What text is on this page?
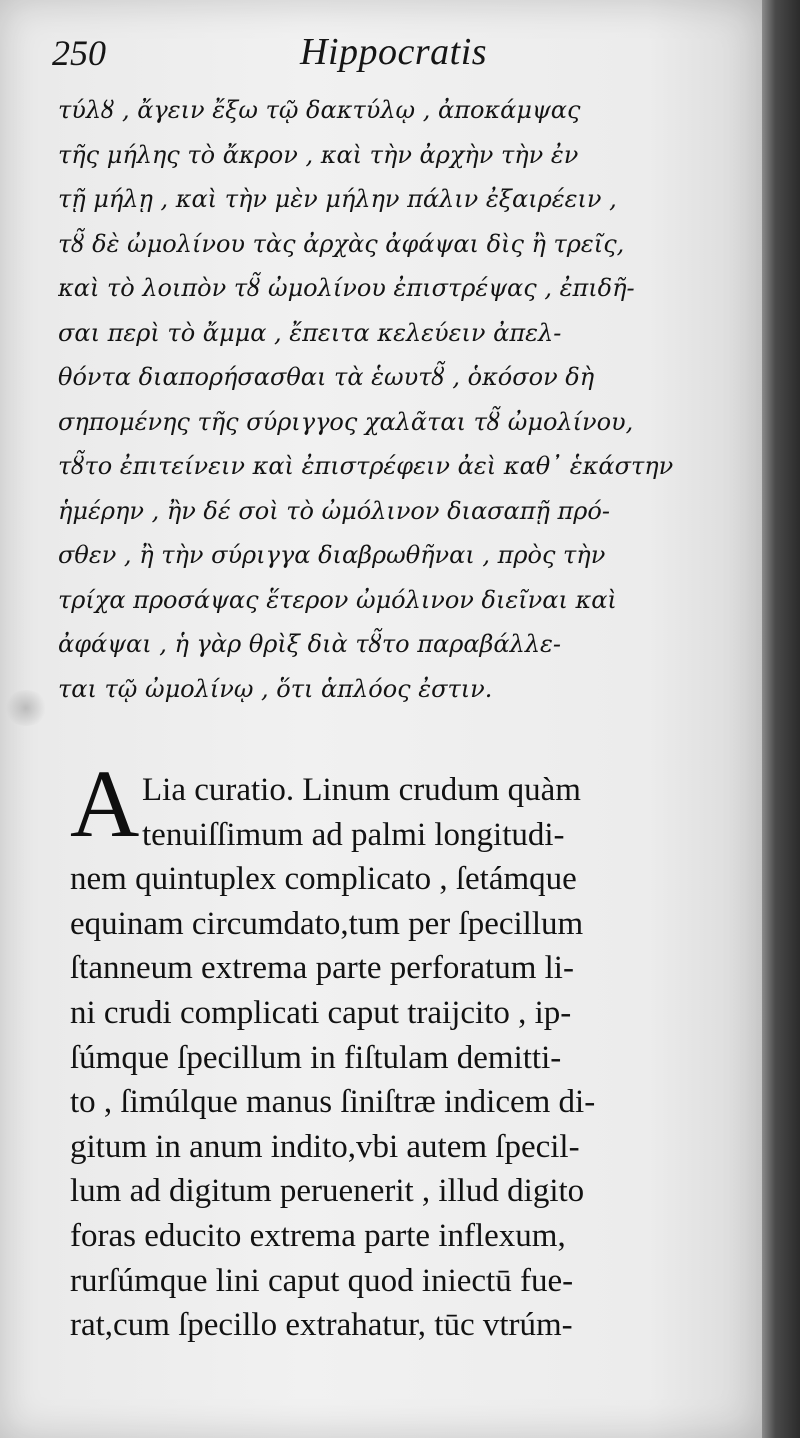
250	Hippocratis
τύλȣ , ἄγειν ἔξω τῷ δακτύλῳ , ἀποκάμψας
τῆς μήλης τὸ ἄκρον , καὶ τὴν ἀρχὴν τὴν ἐν
τῇ μήλῃ , καὶ τὴν μὲν μήλην πάλιν ἐξαιρέειν ,
τȣ̃ δὲ ὠμολίνου τὰς ἀρχὰς ἀφάψαι δὶς ἢ τρεῖς,
καὶ τὸ λοιπὸν τȣ̃ ὠμολίνου ἐπιστρέψας , ἐπιδῆ-
σαι περὶ τὸ ἄμμα , ἔπειτα κελεύειν ἀπελ-
θόντα διαπορήσασθαι τὰ ἑωυτȣ̃ , ὁκόσον δὴ
σηπομένης τῆς σύριγγος χαλᾶται τȣ̃ ὠμολίνου,
τȣ̃το ἐπιτείνειν καὶ ἐπιστρέφειν ἀεὶ καθ᾽ ἑκάστην
ἡμέρην , ἢν δέ σοὶ τὸ ὠμόλινον διασαπῇ πρό-
σθεν , ἢ τὴν σύριγγα διαβρωθῆναι , πρὸς τὴν
τρίχα προσάψας ἕτερον ὠμόλινον διεῖναι καὶ
ἀφάψαι , ἡ γὰρ θρὶξ διὰ τȣ̃το παραβάλλε-
ται τῷ ὠμολίνῳ , ὅτι ἁπλόος ἐστιν.
A Lia curatio. Linum crudum quàm
tenuiſſimum ad palmi longitudi-
nem quintuplex complicato , ſetámque
equinam circumdato,tum per ſpecillum
ſtanneum extrema parte perforatum li-
ni crudi complicati caput traijcito , ip-
ſúmque ſpecillum in fiſtulam demitti-
to , ſimúlque manus ſiniſtræ indicem di-
gitum in anum indito,vbi autem ſpecil-
lum ad digitum peruenerit , illud digito
foras educito extrema parte inflexum,
rurſúmque lini caput quod iniectū fue-
rat,cum ſpecillo extrahatur, tūc vtrúm-
